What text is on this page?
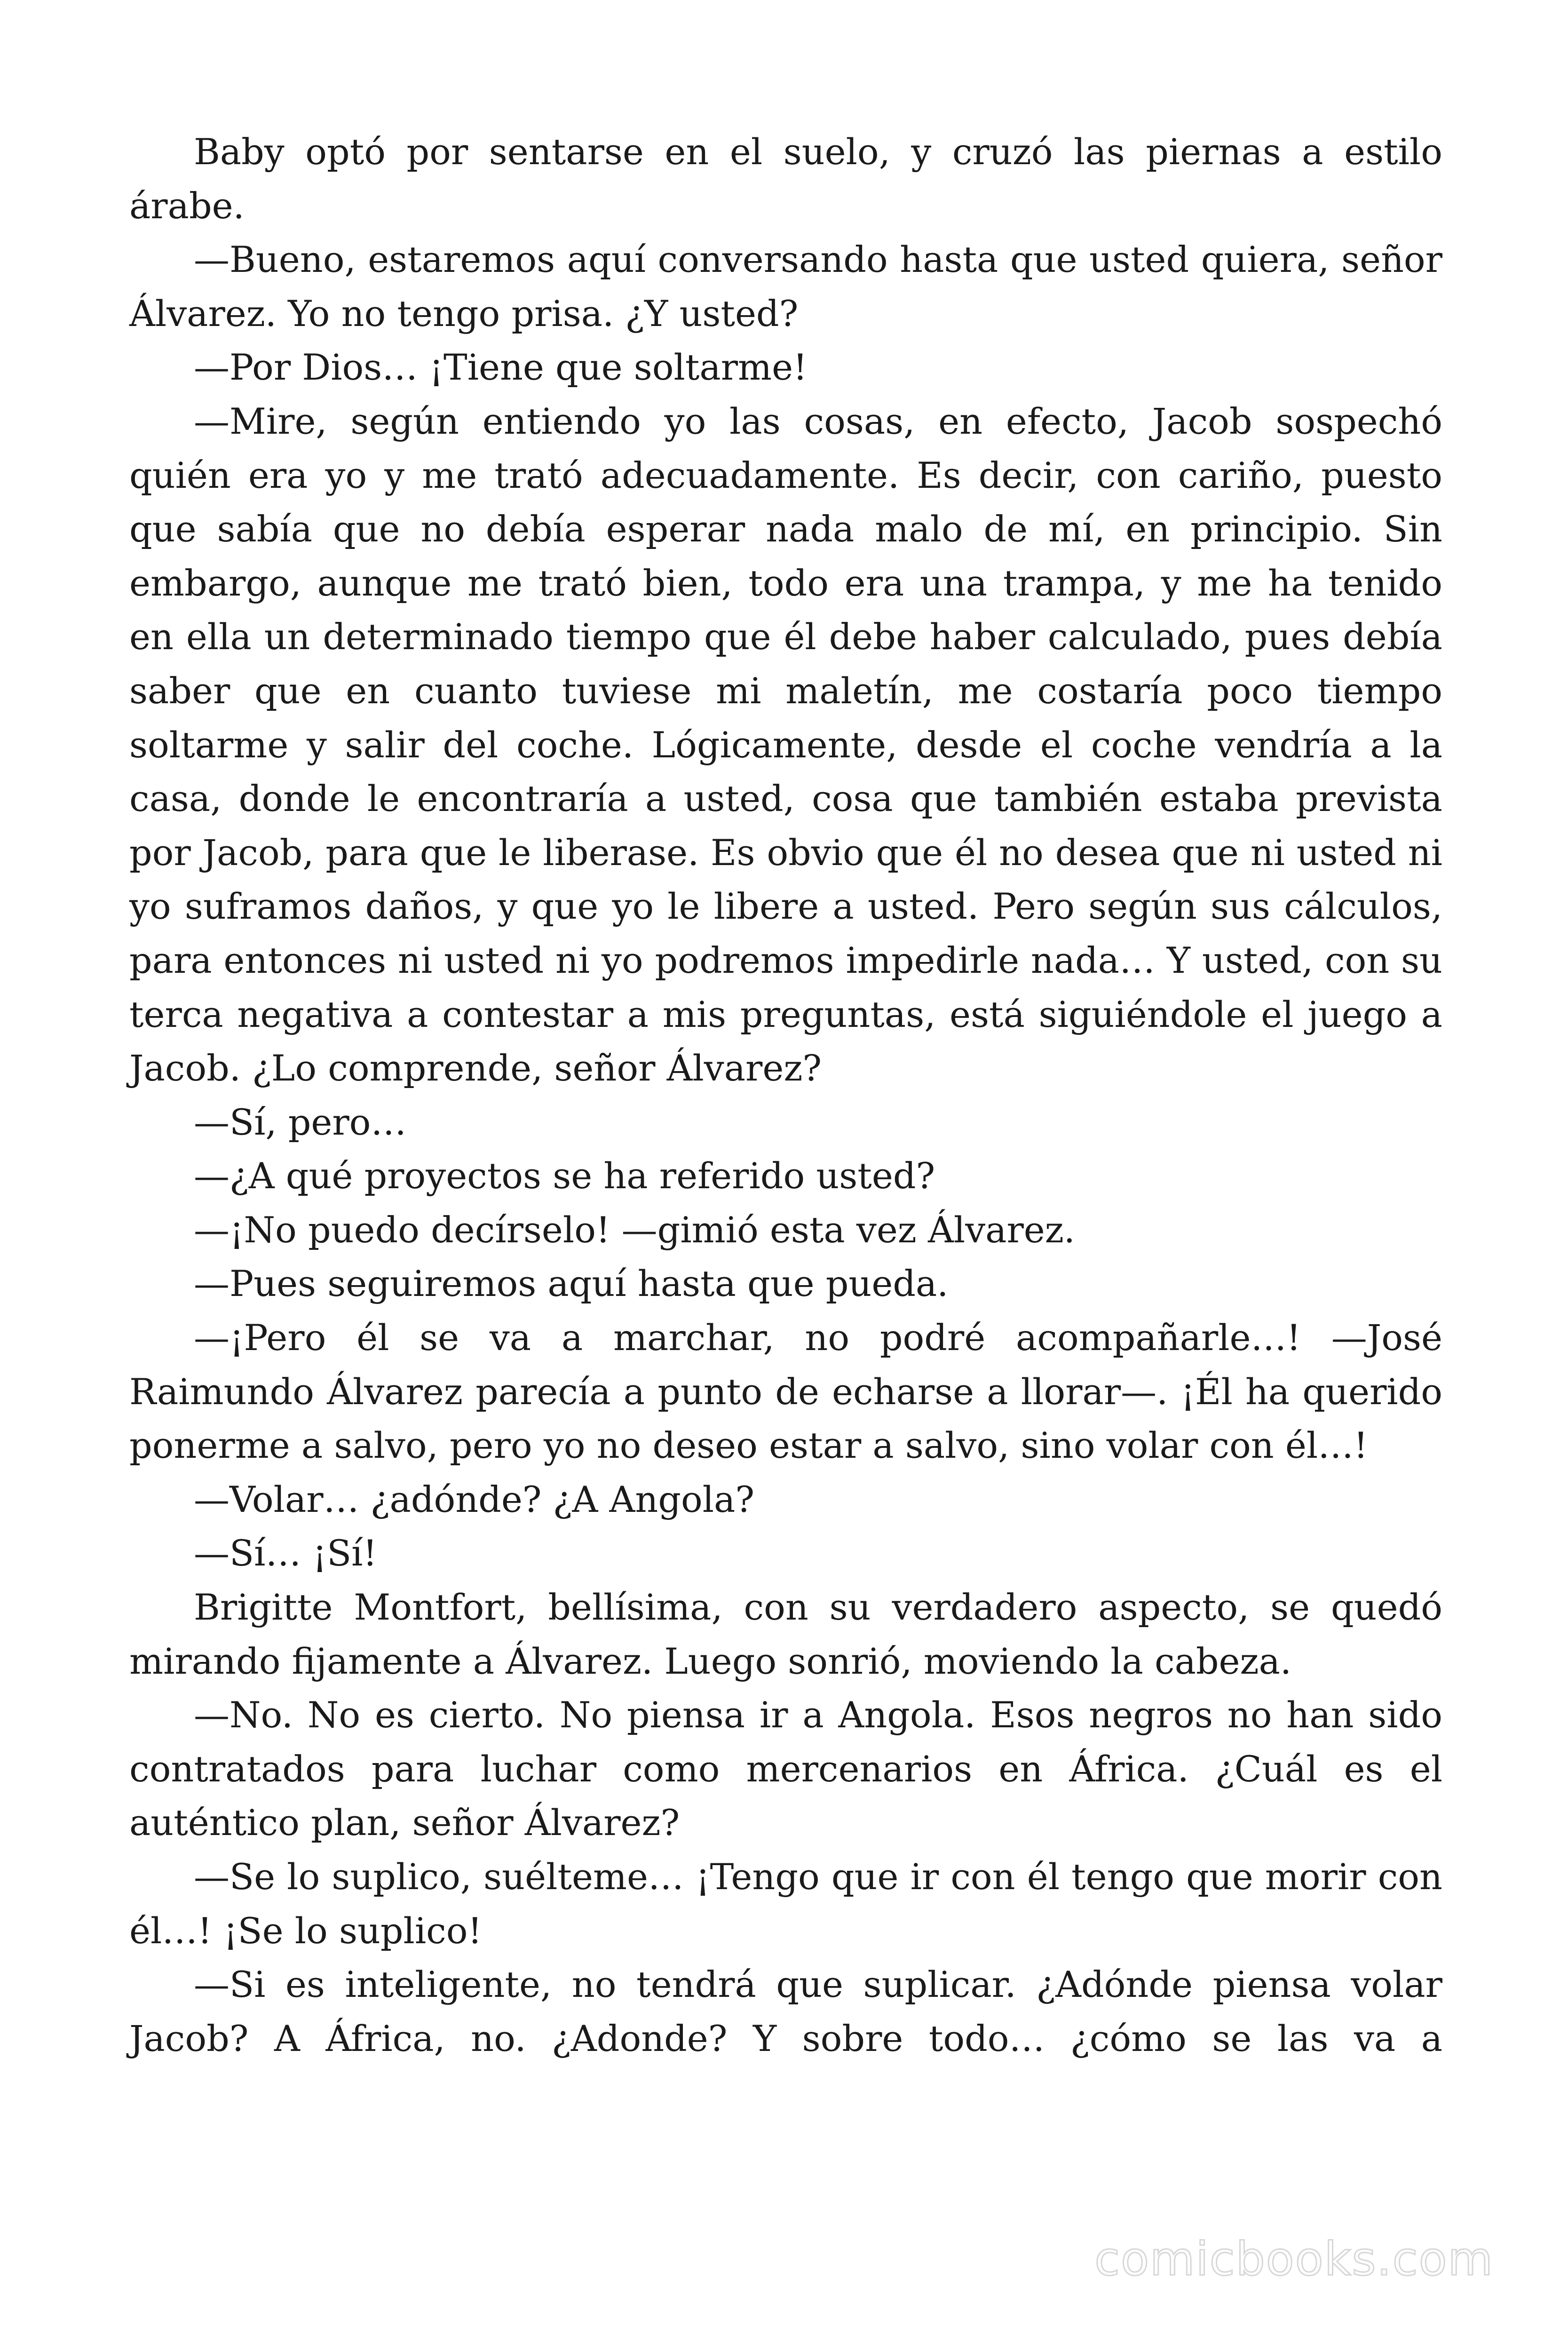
Baby optó por sentarse en el suelo, y cruzó las piernas a estilo árabe.

—Bueno, estaremos aquí conversando hasta que usted quiera, señor Álvarez. Yo no tengo prisa. ¿Y usted?

—Por Dios… ¡Tiene que soltarme!

—Mire, según entiendo yo las cosas, en efecto, Jacob sospechó quién era yo y me trató adecuadamente. Es decir, con cariño, puesto que sabía que no debía esperar nada malo de mí, en principio. Sin embargo, aunque me trató bien, todo era una trampa, y me ha tenido en ella un determinado tiempo que él debe haber calculado, pues debía saber que en cuanto tuviese mi maletín, me costaría poco tiempo soltarme y salir del coche. Lógicamente, desde el coche vendría a la casa, donde le encontraría a usted, cosa que también estaba prevista por Jacob, para que le liberase. Es obvio que él no desea que ni usted ni yo suframos daños, y que yo le libere a usted. Pero según sus cálculos, para entonces ni usted ni yo podremos impedirle nada… Y usted, con su terca negativa a contestar a mis preguntas, está siguiéndole el juego a Jacob. ¿Lo comprende, señor Álvarez?

—Sí, pero…

—¿A qué proyectos se ha referido usted?

—¡No puedo decírselo! —gimió esta vez Álvarez.

—Pues seguiremos aquí hasta que pueda.

—¡Pero él se va a marchar, no podré acompañarle…! —José Raimundo Álvarez parecía a punto de echarse a llorar—. ¡Él ha querido ponerme a salvo, pero yo no deseo estar a salvo, sino volar con él…!

—Volar… ¿adónde? ¿A Angola?

—Sí… ¡Sí!

Brigitte Montfort, bellísima, con su verdadero aspecto, se quedó mirando fijamente a Álvarez. Luego sonrió, moviendo la cabeza.

—No. No es cierto. No piensa ir a Angola. Esos negros no han sido contratados para luchar como mercenarios en África. ¿Cuál es el auténtico plan, señor Álvarez?

—Se lo suplico, suélteme… ¡Tengo que ir con él tengo que morir con él…! ¡Se lo suplico!

—Si es inteligente, no tendrá que suplicar. ¿Adónde piensa volar Jacob? A África, no. ¿Adonde? Y sobre todo… ¿cómo se las va a

comicbooks.com
